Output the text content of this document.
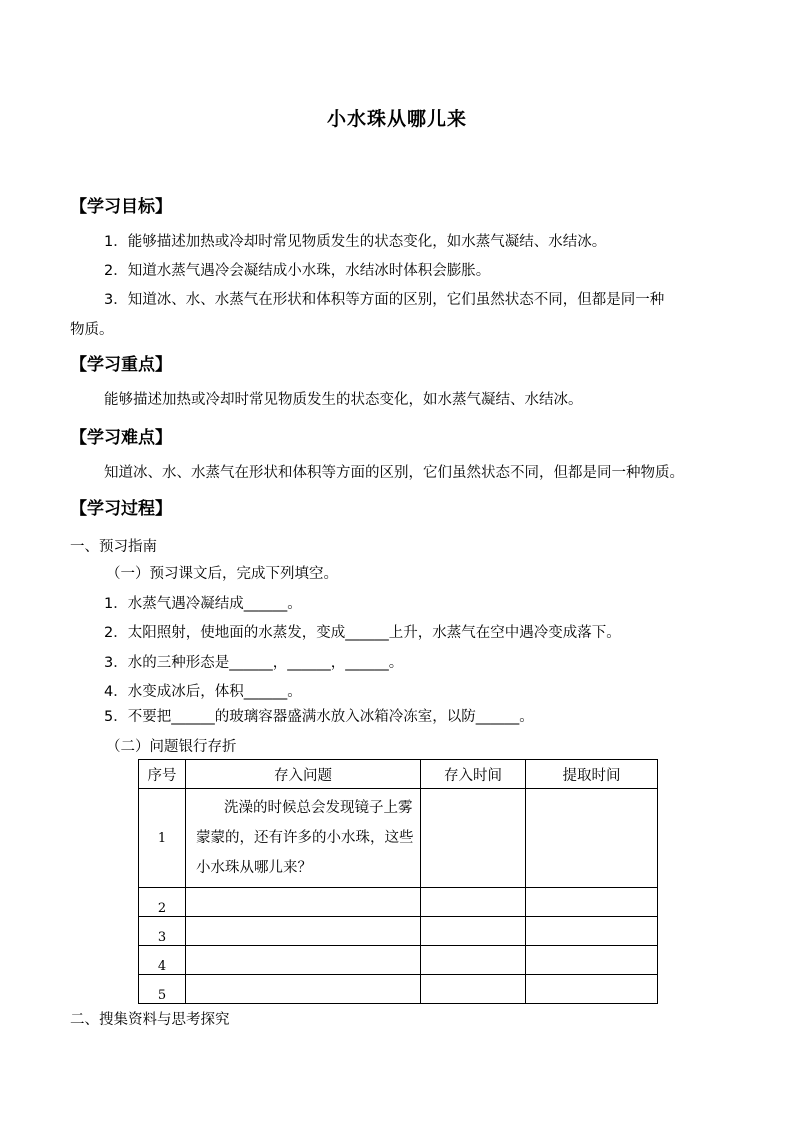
小水珠从哪儿来
【学习目标】
1．能够描述加热或冷却时常见物质发生的状态变化，如水蒸气凝结、水结冰。
2．知道水蒸气遇冷会凝结成小水珠，水结冰时体积会膨胀。
3．知道冰、水、水蒸气在形状和体积等方面的区别，它们虽然状态不同，但都是同一种
物质。
【学习重点】
能够描述加热或冷却时常见物质发生的状态变化，如水蒸气凝结、水结冰。
【学习难点】
知道冰、水、水蒸气在形状和体积等方面的区别，它们虽然状态不同，但都是同一种物质。
【学习过程】
一、预习指南
（一）预习课文后，完成下列填空。
1．水蒸气遇冷凝结成______。
2．太阳照射，使地面的水蒸发，变成______上升，水蒸气在空中遇冷变成落下。
3．水的三种形态是______，______，______。
4．水变成冰后，体积______。
5．不要把______的玻璃容器盛满水放入冰箱冷冻室，以防______。
（二）问题银行存折
序号	存入问题	存入时间	提取时间
1	洗澡的时候总会发现镜子上雾蒙蒙的，还有许多的小水珠，这些小水珠从哪儿来？		
2			
3			
4			
5			
二、搜集资料与思考探究
